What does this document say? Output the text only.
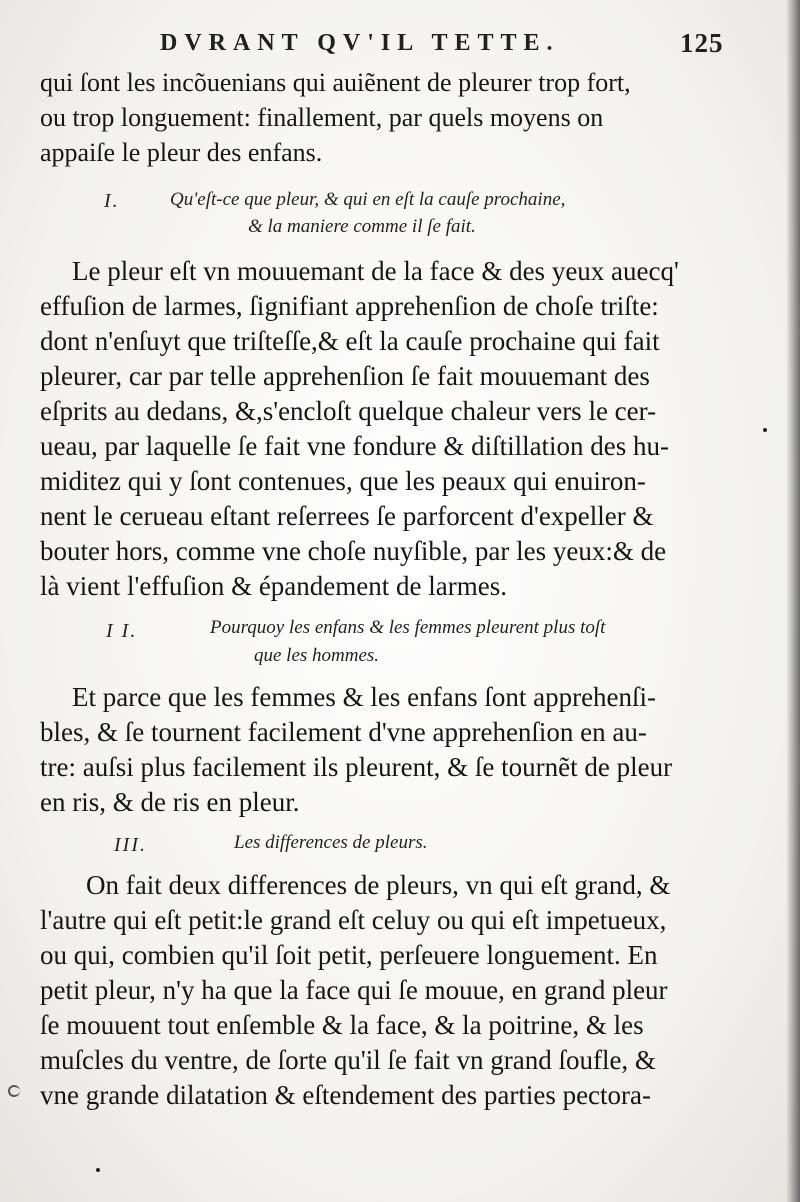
DVRANT QV'IL TETTE.	125
qui ſont les incõuenians qui auiẽnent de pleurer trop fort,
ou trop longuement: finallement, par quels moyens on
appaiſe le pleur des enfans.
I.	Qu'eſt-ce que pleur, & qui en eſt la cauſe prochaine,
& la maniere comme il ſe fait.
Le pleur eſt vn mouuemant de la face & des yeux auecq'
effuſion de larmes, ſignifiant apprehenſion de choſe triſte:
dont n'enſuyt que triſteſſe,& eſt la cauſe prochaine qui fait
pleurer, car par telle apprehenſion ſe fait mouuemant des
eſprits au dedans, &,s'encloſt quelque chaleur vers le cer-
ueau, par laquelle ſe fait vne fondure & diſtillation des hu-
miditez qui y ſont contenues, que les peaux qui enuiron-
nent le cerueau eſtant reſerrees ſe parforcent d'expeller &
bouter hors, comme vne choſe nuyſible, par les yeux:& de
là vient l'effuſion & épandement de larmes.
I I.	Pourquoy les enfans & les femmes pleurent plus toſt
que les hommes.
Et parce que les femmes & les enfans ſont apprehenſi-
bles, & ſe tournent facilement d'vne apprehenſion en au-
tre: auſsi plus facilement ils pleurent, & ſe tournẽt de pleur
en ris, & de ris en pleur.
III.	Les differences de pleurs.
On fait deux differences de pleurs, vn qui eſt grand, &
l'autre qui eſt petit:le grand eſt celuy ou qui eſt impetueux,
ou qui, combien qu'il ſoit petit, perſeuere longuement. En
petit pleur, n'y ha que la face qui ſe mouue, en grand pleur
ſe mouuent tout enſemble & la face, & la poitrine, & les
muſcles du ventre, de ſorte qu'il ſe fait vn grand ſoufle, &
vne grande dilatation & eſtendement des parties pectora-
